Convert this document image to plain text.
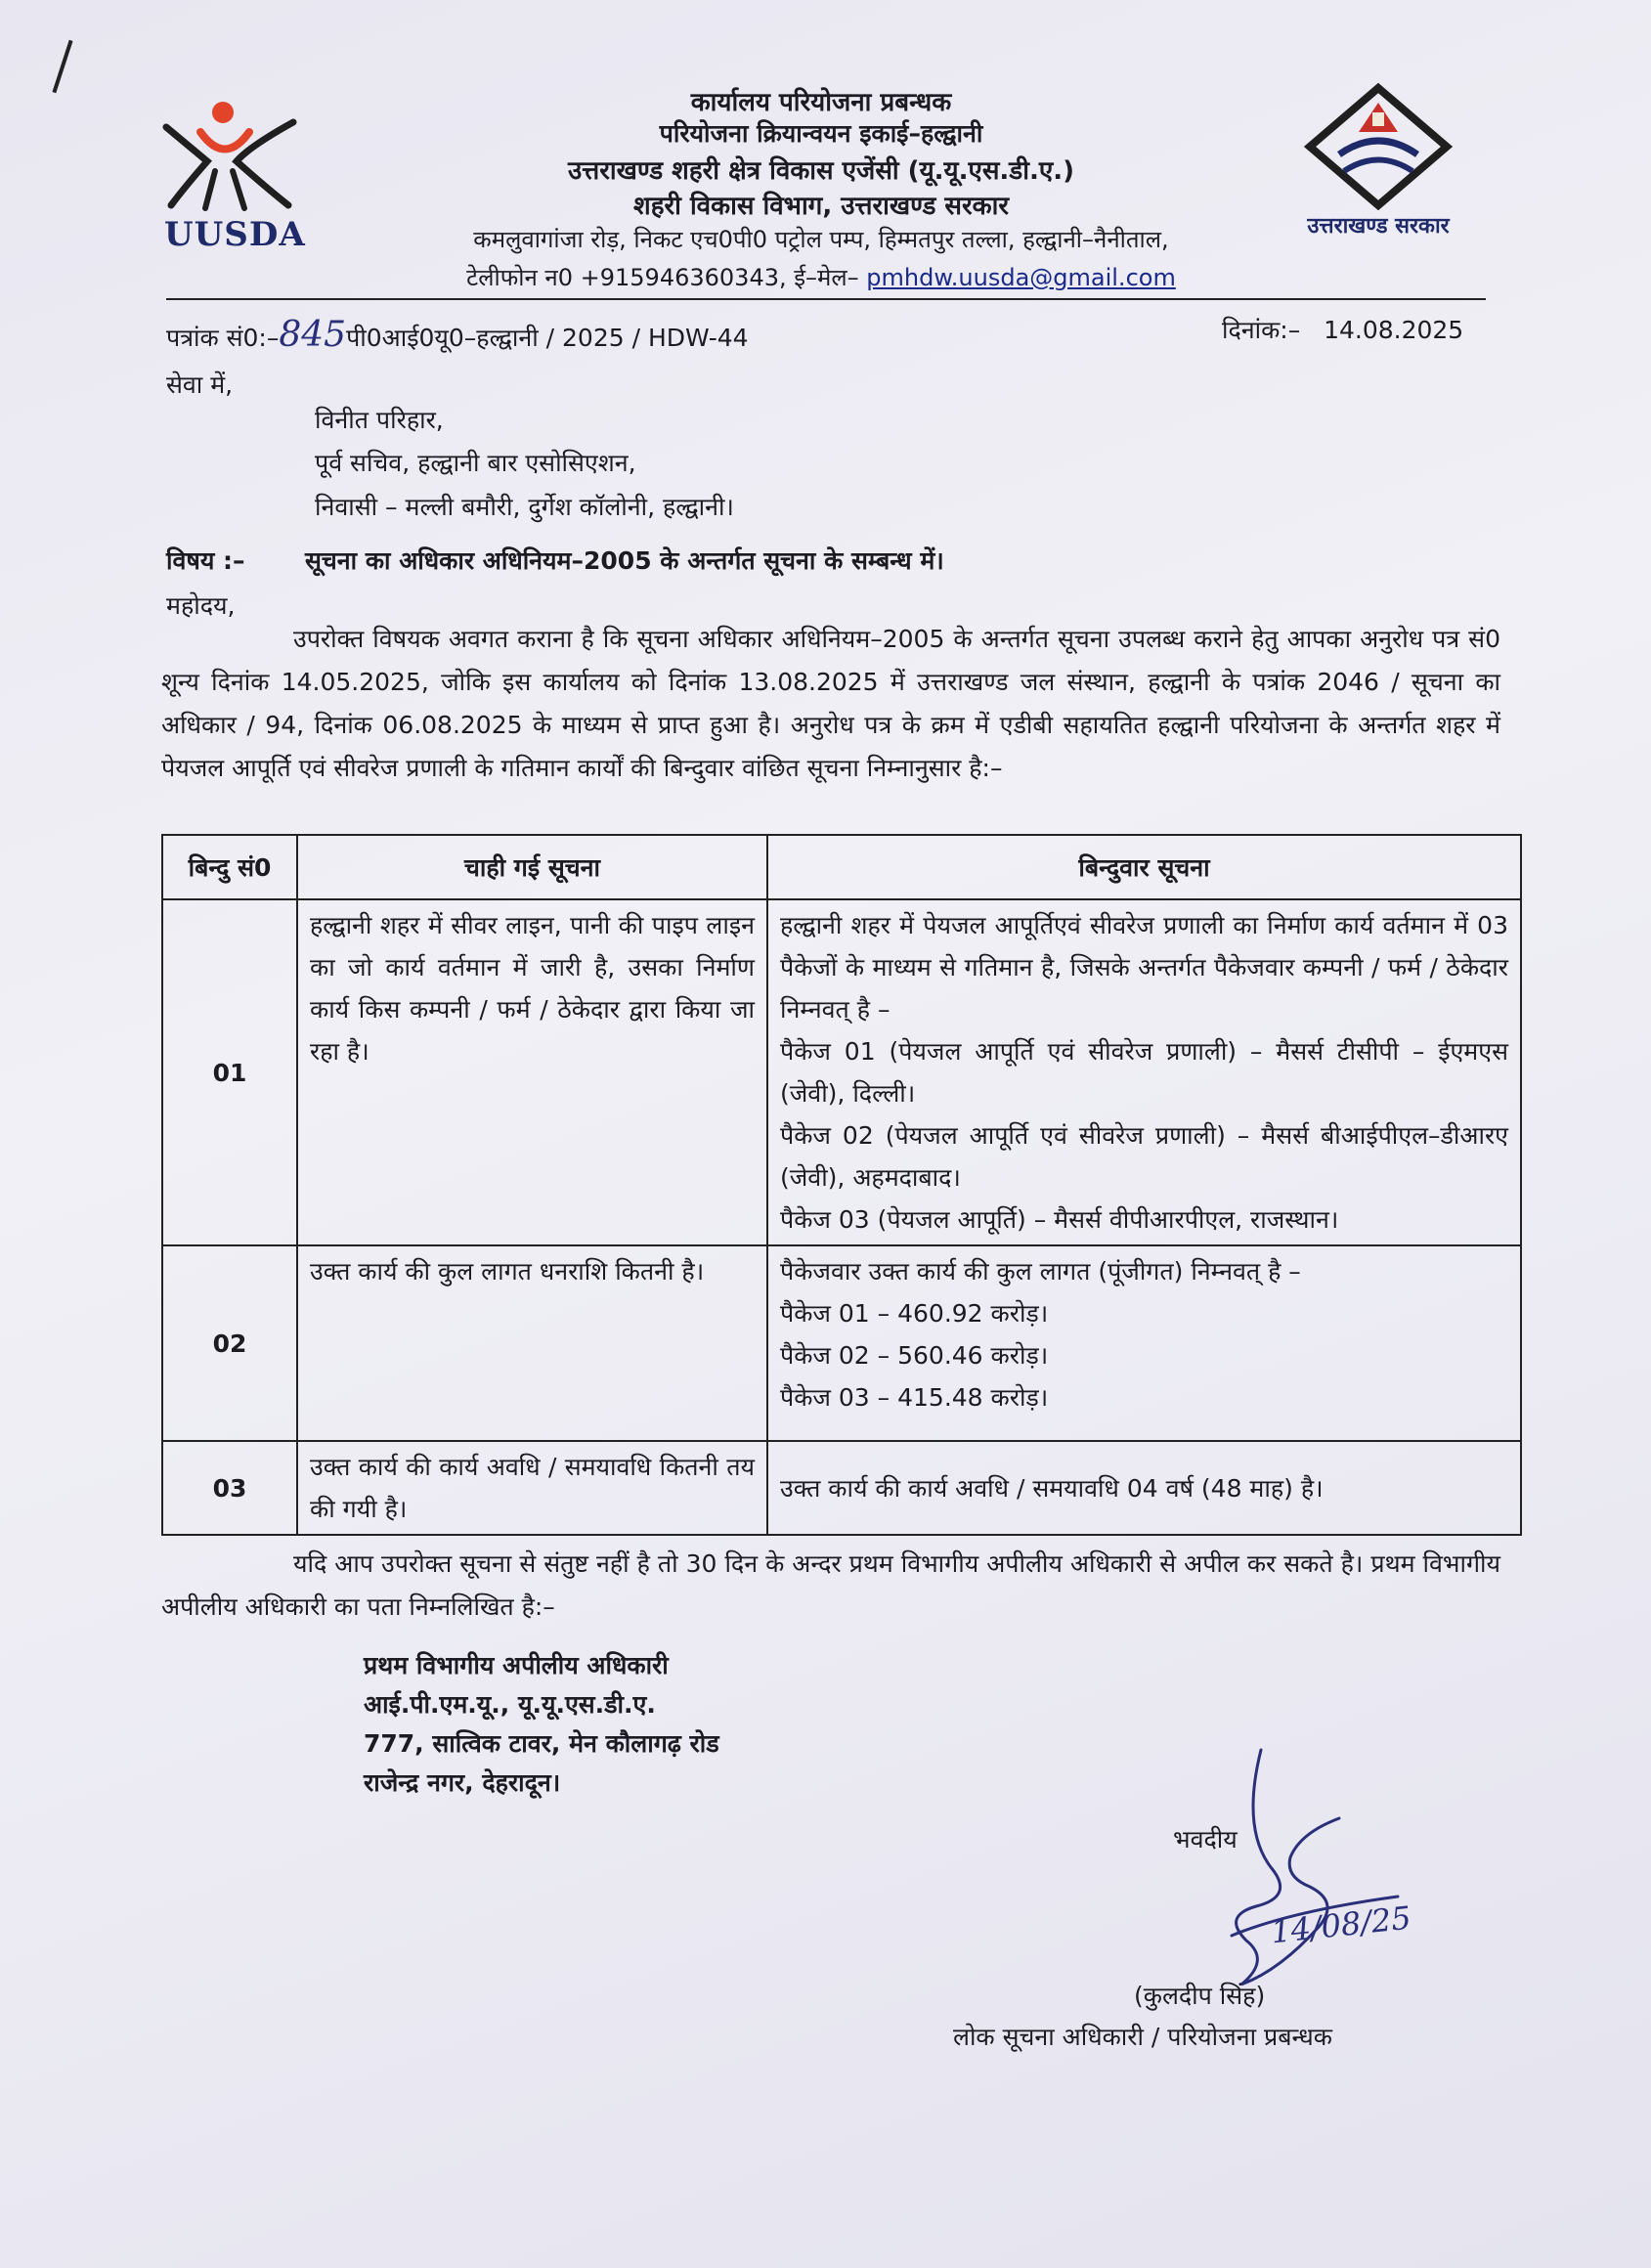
UUSDA	उत्तराखण्ड सरकार
कार्यालय परियोजना प्रबन्धक
परियोजना क्रियान्वयन इकाई–हल्द्वानी
उत्तराखण्ड शहरी क्षेत्र विकास एजेंसी (यू.यू.एस.डी.ए.)
शहरी विकास विभाग, उत्तराखण्ड सरकार
कमलुवागांजा रोड़, निकट एच0पी0 पट्रोल पम्प, हिम्मतपुर तल्ला, हल्द्वानी–नैनीताल,
टेलीफोन न0 +915946360343, ई–मेल– pmhdw.uusda@gmail.com
पत्रांक सं0:–845पी0आई0यू0–हल्द्वानी / 2025 / HDW-44	दिनांक:– 14.08.2025
सेवा में,
विनीत परिहार,
पूर्व सचिव, हल्द्वानी बार एसोसिएशन,
निवासी – मल्ली बमौरी, दुर्गेश कॉलोनी, हल्द्वानी।
विषय :– सूचना का अधिकार अधिनियम–2005 के अन्तर्गत सूचना के सम्बन्ध में।
महोदय,
उपरोक्त विषयक अवगत कराना है कि सूचना अधिकार अधिनियम–2005 के अन्तर्गत सूचना उपलब्ध कराने हेतु आपका अनुरोध पत्र सं0 शून्य दिनांक 14.05.2025, जोकि इस कार्यालय को दिनांक 13.08.2025 में उत्तराखण्ड जल संस्थान, हल्द्वानी के पत्रांक 2046 / सूचना का अधिकार / 94, दिनांक 06.08.2025 के माध्यम से प्राप्त हुआ है। अनुरोध पत्र के क्रम में एडीबी सहायतित हल्द्वानी परियोजना के अन्तर्गत शहर में पेयजल आपूर्ति एवं सीवरेज प्रणाली के गतिमान कार्यों की बिन्दुवार वांछित सूचना निम्नानुसार है:–
बिन्दु सं0	चाही गई सूचना	बिन्दुवार सूचना
01	हल्द्वानी शहर में सीवर लाइन, पानी की पाइप लाइन का जो कार्य वर्तमान में जारी है, उसका निर्माण कार्य किस कम्पनी / फर्म / ठेकेदार द्वारा किया जा रहा है।	हल्द्वानी शहर में पेयजल आपूर्तिएवं सीवरेज प्रणाली का निर्माण कार्य वर्तमान में 03 पैकेजों के माध्यम से गतिमान है, जिसके अन्तर्गत पैकेजवार कम्पनी / फर्म / ठेकेदार निम्नवत् है –
पैकेज 01 (पेयजल आपूर्ति एवं सीवरेज प्रणाली) – मैसर्स टीसीपी – ईएमएस (जेवी), दिल्ली।
पैकेज 02 (पेयजल आपूर्ति एवं सीवरेज प्रणाली) – मैसर्स बीआईपीएल–डीआरए (जेवी), अहमदाबाद।
पैकेज 03 (पेयजल आपूर्ति) – मैसर्स वीपीआरपीएल, राजस्थान।

02	उक्त कार्य की कुल लागत धनराशि कितनी है।	पैकेजवार उक्त कार्य की कुल लागत (पूंजीगत) निम्नवत् है –
पैकेज 01 – 460.92 करोड़।
पैकेज 02 – 560.46 करोड़।
पैकेज 03 – 415.48 करोड़।

03	उक्त कार्य की कार्य अवधि / समयावधि कितनी तय की गयी है।	उक्त कार्य की कार्य अवधि / समयावधि 04 वर्ष (48 माह) है।
यदि आप उपरोक्त सूचना से संतुष्ट नहीं है तो 30 दिन के अन्दर प्रथम विभागीय अपीलीय अधिकारी से अपील कर सकते है। प्रथम विभागीय अपीलीय अधिकारी का पता निम्नलिखित है:–
प्रथम विभागीय अपीलीय अधिकारी
आई.पी.एम.यू., यू.यू.एस.डी.ए.
777, सात्विक टावर, मेन कौलागढ़ रोड
राजेन्द्र नगर, देहरादून।
भवदीय
14/08/25
(कुलदीप सिंह)
लोक सूचना अधिकारी / परियोजना प्रबन्धक
